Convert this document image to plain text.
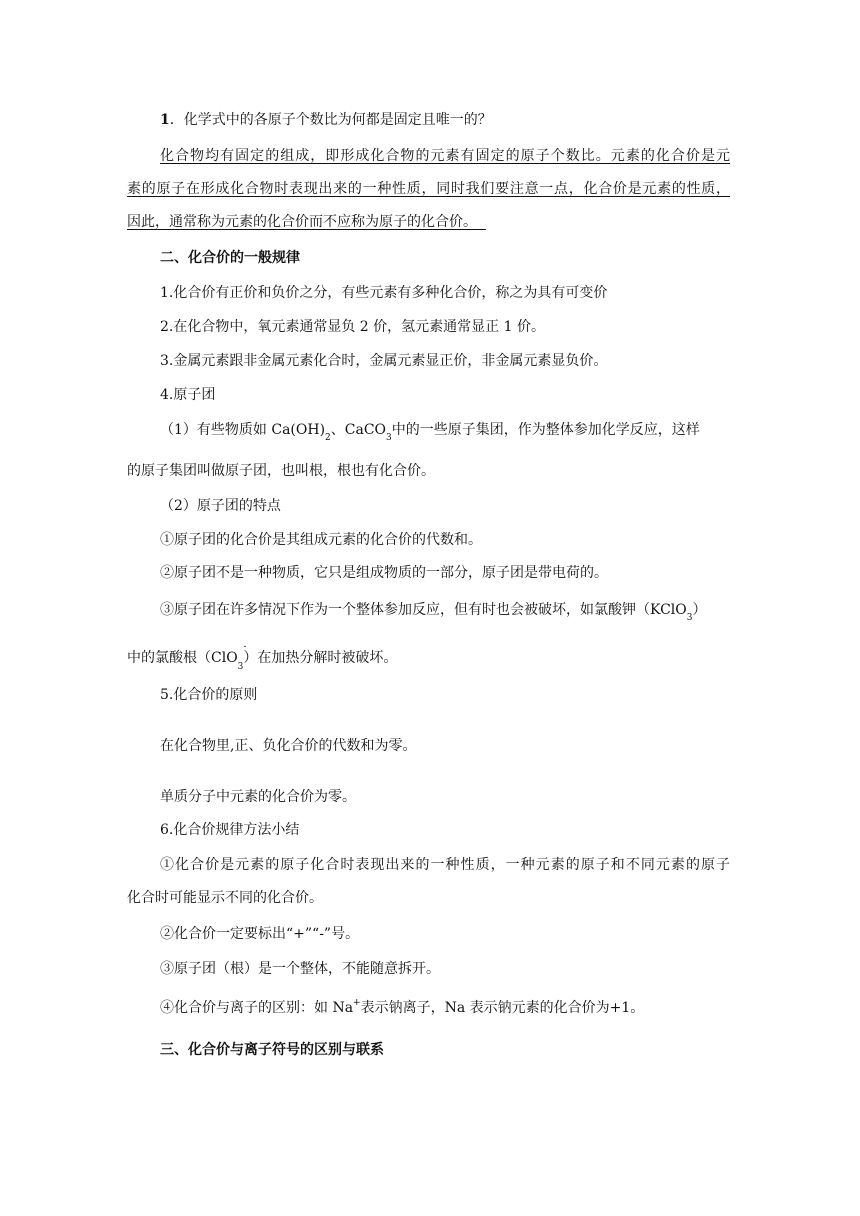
1．化学式中的各原子个数比为何都是固定且唯一的？
化合物均有固定的组成，即形成化合物的元素有固定的原子个数比。元素的化合价是元
素的原子在形成化合物时表现出来的一种性质，同时我们要注意一点，化合价是元素的性质，
因此，通常称为元素的化合价而不应称为原子的化合价。
二、化合价的一般规律
1.化合价有正价和负价之分，有些元素有多种化合价，称之为具有可变价
2.在化合物中，氧元素通常显负 2 价，氢元素通常显正 1 价。
3.金属元素跟非金属元素化合时，金属元素显正价，非金属元素显负价。
4.原子团
（1）有些物质如 $Ca(OH)_2$、CaCO$_3$中的一些原子集团，作为整体参加化学反应，这样
的原子集团叫做原子团，也叫根，根也有化合价。
（2）原子团的特点
①原子团的化合价是其组成元素的化合价的代数和。
②原子团不是一种物质，它只是组成物质的一部分，原子团是带电荷的。
③原子团在许多情况下作为一个整体参加反应，但有时也会被破坏，如氯酸钾（KClO$_3$）
中的氯酸根（ClO
-
$_3$）在加热分解时被破坏。
5.化合价的原则
在化合物里,正、负化合价的代数和为零。
单质分子中元素的化合价为零。
6.化合价规律方法小结
①化合价是元素的原子化合时表现出来的一种性质，一种元素的原子和不同元素的原子
化合时可能显示不同的化合价。
②化合价一定要标出“+”“-”号。
③原子团（根）是一个整体，不能随意拆开。
④化合价与离子的区别：如 Na+表示钠离子，Na 表示钠元素的化合价为+1。
三、化合价与离子符号的区别与联系
